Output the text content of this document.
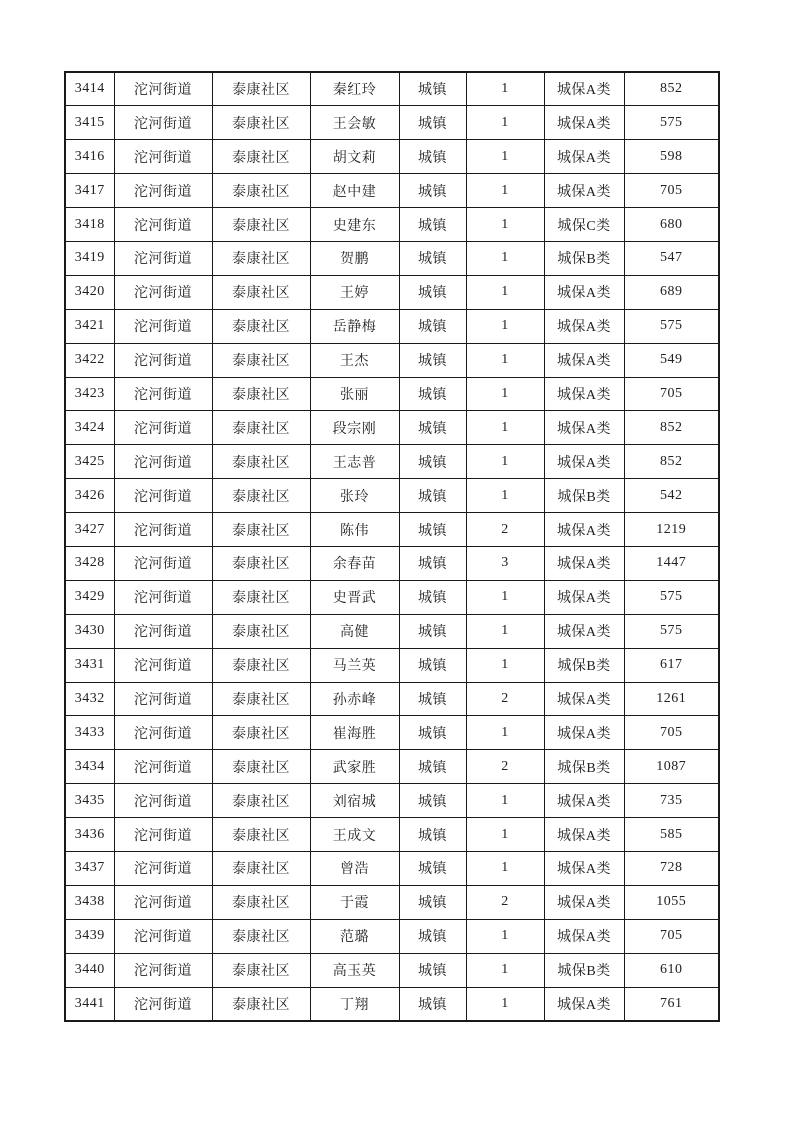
3414	沱河街道	泰康社区	秦红玲	城镇	1	城保A类	852
3415	沱河街道	泰康社区	王会敏	城镇	1	城保A类	575
3416	沱河街道	泰康社区	胡文莉	城镇	1	城保A类	598
3417	沱河街道	泰康社区	赵中建	城镇	1	城保A类	705
3418	沱河街道	泰康社区	史建东	城镇	1	城保C类	680
3419	沱河街道	泰康社区	贺鹏	城镇	1	城保B类	547
3420	沱河街道	泰康社区	王婷	城镇	1	城保A类	689
3421	沱河街道	泰康社区	岳静梅	城镇	1	城保A类	575
3422	沱河街道	泰康社区	王杰	城镇	1	城保A类	549
3423	沱河街道	泰康社区	张丽	城镇	1	城保A类	705
3424	沱河街道	泰康社区	段宗刚	城镇	1	城保A类	852
3425	沱河街道	泰康社区	王志普	城镇	1	城保A类	852
3426	沱河街道	泰康社区	张玲	城镇	1	城保B类	542
3427	沱河街道	泰康社区	陈伟	城镇	2	城保A类	1219
3428	沱河街道	泰康社区	余春苗	城镇	3	城保A类	1447
3429	沱河街道	泰康社区	史晋武	城镇	1	城保A类	575
3430	沱河街道	泰康社区	高健	城镇	1	城保A类	575
3431	沱河街道	泰康社区	马兰英	城镇	1	城保B类	617
3432	沱河街道	泰康社区	孙赤峰	城镇	2	城保A类	1261
3433	沱河街道	泰康社区	崔海胜	城镇	1	城保A类	705
3434	沱河街道	泰康社区	武家胜	城镇	2	城保B类	1087
3435	沱河街道	泰康社区	刘宿城	城镇	1	城保A类	735
3436	沱河街道	泰康社区	王成文	城镇	1	城保A类	585
3437	沱河街道	泰康社区	曾浩	城镇	1	城保A类	728
3438	沱河街道	泰康社区	于霞	城镇	2	城保A类	1055
3439	沱河街道	泰康社区	范璐	城镇	1	城保A类	705
3440	沱河街道	泰康社区	高玉英	城镇	1	城保B类	610
3441	沱河街道	泰康社区	丁翔	城镇	1	城保A类	761
